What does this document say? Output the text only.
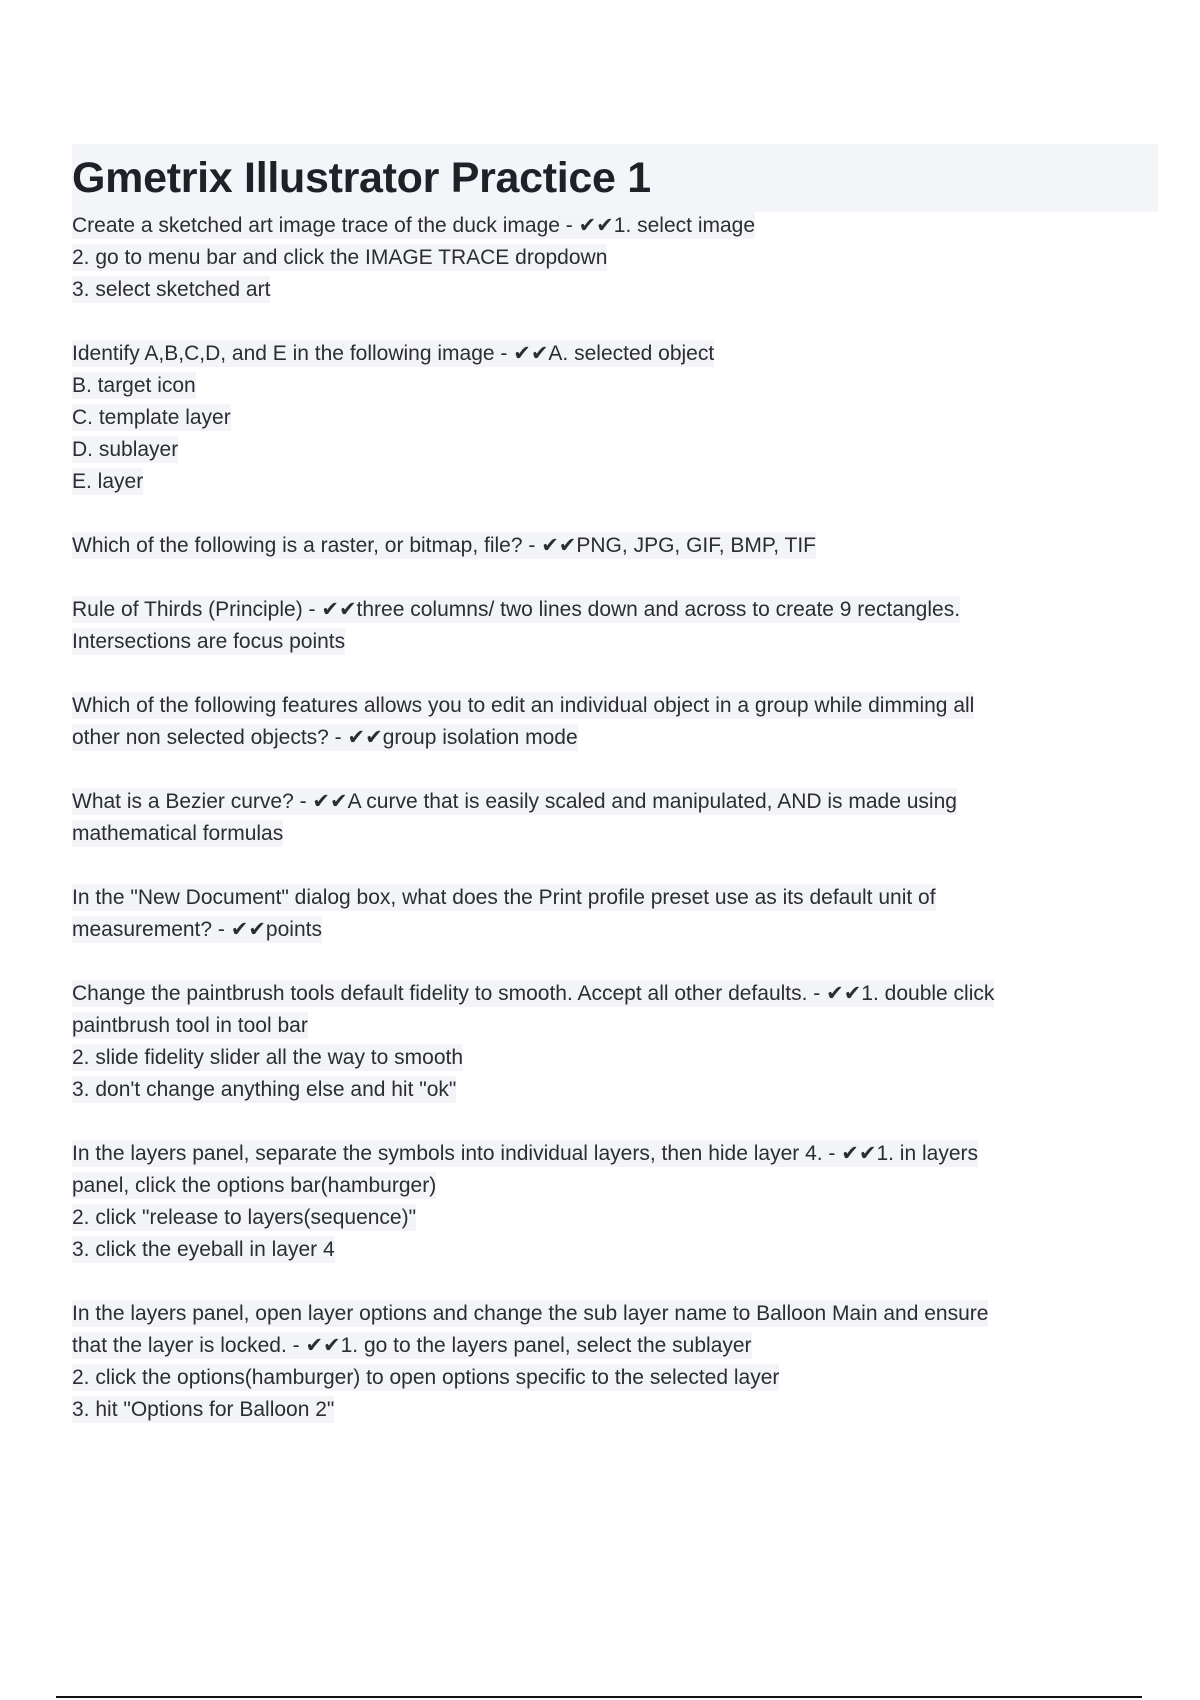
Gmetrix Illustrator Practice 1
Create a sketched art image trace of the duck image - ✔✔1. select image
2. go to menu bar and click the IMAGE TRACE dropdown
3. select sketched art
Identify A,B,C,D, and E in the following image - ✔✔A. selected object
B. target icon
C. template layer
D. sublayer
E. layer
Which of the following is a raster, or bitmap, file? - ✔✔PNG, JPG, GIF, BMP, TIF
Rule of Thirds (Principle) - ✔✔three columns/ two lines down and across to create 9 rectangles.
Intersections are focus points
Which of the following features allows you to edit an individual object in a group while dimming all
other non selected objects? - ✔✔group isolation mode
What is a Bezier curve? - ✔✔A curve that is easily scaled and manipulated, AND is made using
mathematical formulas
In the "New Document" dialog box, what does the Print profile preset use as its default unit of
measurement? - ✔✔points
Change the paintbrush tools default fidelity to smooth. Accept all other defaults. - ✔✔1. double click
paintbrush tool in tool bar
2. slide fidelity slider all the way to smooth
3. don't change anything else and hit "ok"
In the layers panel, separate the symbols into individual layers, then hide layer 4. - ✔✔1. in layers
panel, click the options bar(hamburger)
2. click "release to layers(sequence)"
3. click the eyeball in layer 4
In the layers panel, open layer options and change the sub layer name to Balloon Main and ensure
that the layer is locked. - ✔✔1. go to the layers panel, select the sublayer
2. click the options(hamburger) to open options specific to the selected layer
3. hit "Options for Balloon 2"
